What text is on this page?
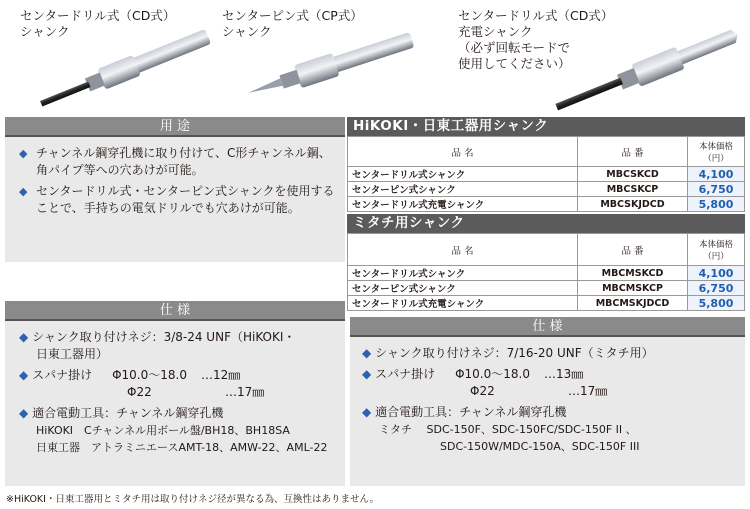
センタードリル式（CD式）
シャンク
センターピン式（CP式）
シャンク
センタードリル式（CD式）
充電シャンク
（必ず回転モードで
使用してください）
用 途
◆ チャンネル鋼穿孔機に取り付けて、C形チャンネル鋼、角パイプ等への穴あけが可能。
◆ センタードリル式・センターピン式シャンクを使用することで、手持ちの電気ドリルでも穴あけが可能。
HiKOKI・日東工器用シャンク
品 名	品 番	本体価格（円）
センタードリル式シャンク	MBCSKCD	4,100
センターピン式シャンク	MBCSKCP	6,750
センタードリル式充電シャンク	MBCSKJDCD	5,800
ミタチ用シャンク
品 名	品 番	本体価格（円）
センタードリル式シャンク	MBCMSKCD	4,100
センターピン式シャンク	MBCMSKCP	6,750
センタードリル式充電シャンク	MBCMSKJDCD	5,800
仕 様
◆ シャンク取り付けネジ：3/8-24 UNF（HiKOKI・
日東工器用）
◆ スパナ掛け Φ10.0～18.0 …12㎜
Φ22	…17㎜
◆ 適合電動工具：チャンネル鋼穿孔機
HiKOKI　Cチャンネル用ボール盤/BH18、BH18SA
日東工器　アトラミニエースAMT-18、AMW-22、AML-22
仕 様
◆ シャンク取り付けネジ：7/16-20 UNF（ミタチ用）
◆ スパナ掛け Φ10.0～18.0 …13㎜
Φ22	…17㎜
◆ 適合電動工具：チャンネル鋼穿孔機
ミタチ　 SDC-150F、SDC-150FC/SDC-150F II 、
SDC-150W/MDC-150A、SDC-150F III
※HiKOKI・日東工器用とミタチ用は取り付けネジ径が異なる為、互換性はありません。
